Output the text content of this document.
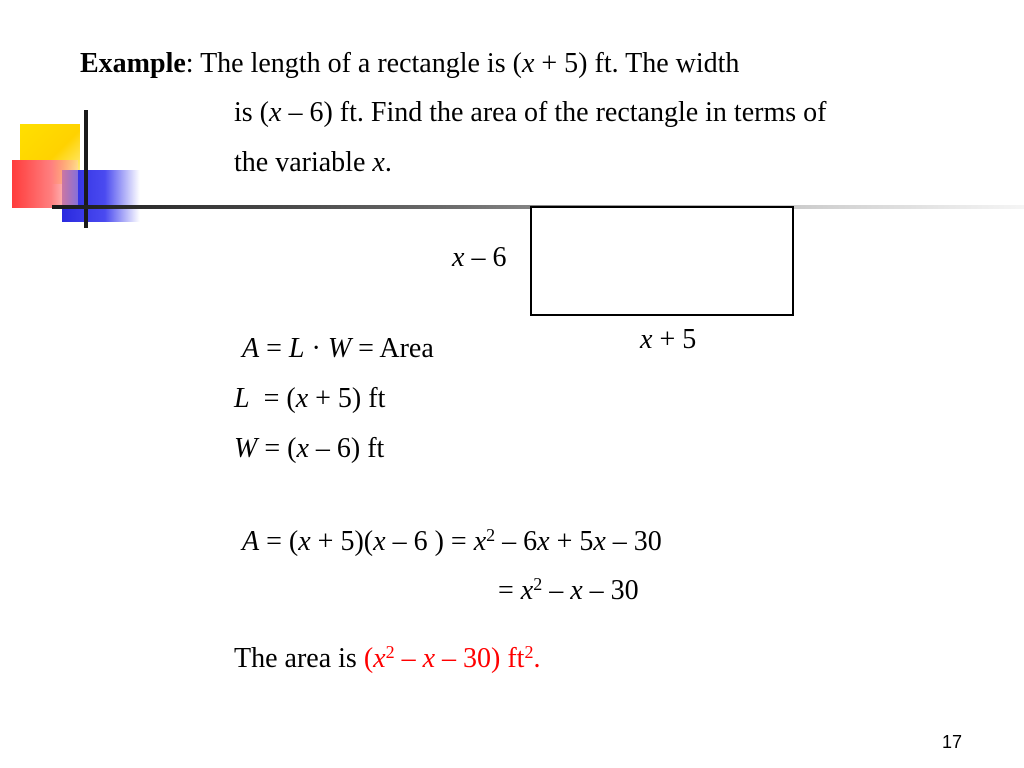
Example: The length of a rectangle is (x + 5) ft. The width
is (x – 6) ft. Find the area of the rectangle in terms of
the variable x.
x – 6
x + 5
A = L · W = Area
L  = (x + 5) ft
W = (x – 6) ft
A = (x + 5)(x – 6 ) = $x^2 - 6x + 5x - 30$
= $x^2$ – x – 30
The area is ($x^2$ – x – 30) $ft^2$.
17
